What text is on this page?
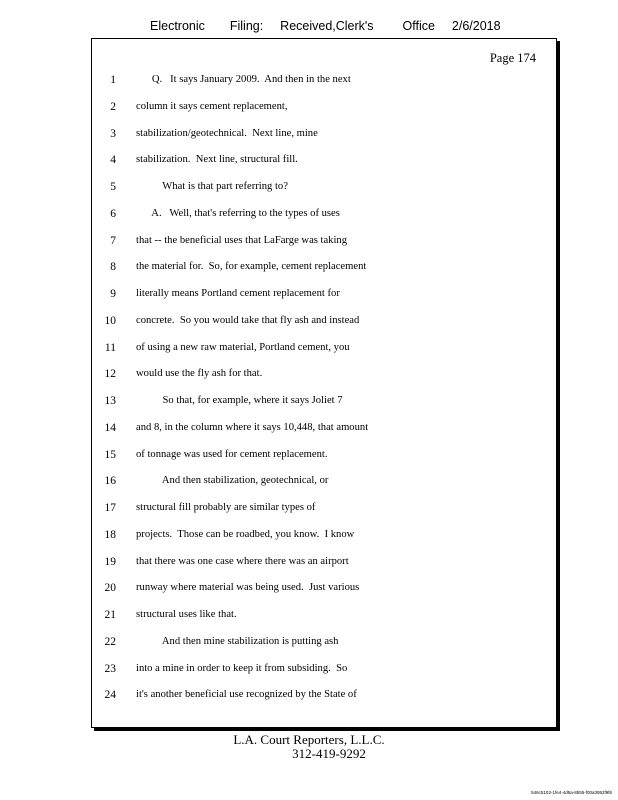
Electronic Filing: Received,Clerk's Office 2/6/2018
Page 174
1 Q.   It says January 2009.  And then in the next
2 column it says cement replacement,
3 stabilization/geotechnical.  Next line, mine
4 stabilization.  Next line, structural fill.
5 What is that part referring to?
6 A.   Well, that's referring to the types of uses
7 that -- the beneficial uses that LaFarge was taking
8 the material for.  So, for example, cement replacement
9 literally means Portland cement replacement for
10 concrete.  So you would take that fly ash and instead
11 of using a new raw material, Portland cement, you
12 would use the fly ash for that.
13 So that, for example, where it says Joliet 7
14 and 8, in the column where it says 10,448, that amount
15 of tonnage was used for cement replacement.
16 And then stabilization, geotechnical, or
17 structural fill probably are similar types of
18 projects.  Those can be roadbed, you know.  I know
19 that there was one case where there was an airport
20 runway where material was being used.  Just various
21 structural uses like that.
22 And then mine stabilization is putting ash
23 into a mine in order to keep it from subsiding.  So
24 it's another beneficial use recognized by the State of
L.A. Court Reporters, L.L.C.
312-419-9292
546c5102-1fe4-4d5a-8b55-f00a3952f9f6
